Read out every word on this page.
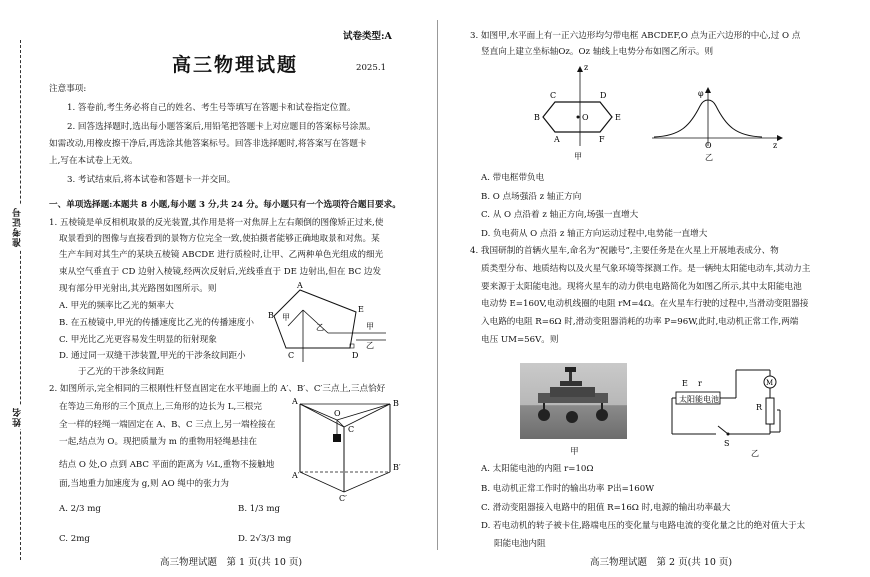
准考证号
姓名
试卷类型:A
高三物理试题	2025.1
注意事项:
1. 答卷前,考生务必将自己的姓名、考生号等填写在答题卡和试卷指定位置。
2. 回答选择题时,选出每小题答案后,用铅笔把答题卡上对应题目的答案标号涂黑。
如需改动,用橡皮擦干净后,再选涂其他答案标号。回答非选择题时,将答案写在答题卡
上,写在本试卷上无效。
3. 考试结束后,将本试卷和答题卡一并交回。
一、单项选择题:本题共 8 小题,每小题 3 分,共 24 分。每小题只有一个选项符合题目要求。
1. 五棱镜是单反相机取景的反光装置,其作用是将一对焦屏上左右颠倒的图像矫正过来,使
取景看到的图像与直接看到的景物方位完全一致,使拍摄者能够正确地取景和对焦。某
生产车间对其生产的某块五棱镜 ABCDE 进行质检时,让甲、乙两种单色光组成的细光
束从空气垂直于 CD 边射入棱镜,经两次反射后,光线垂直于 DE 边射出,但在 BC 边发
现有部分甲光射出,其光路图如图所示。则
A. 甲光的频率比乙光的频率大
B. 在五棱镜中,甲光的传播速度比乙光的传播速度小
C. 甲光比乙光更容易发生明显的衍射现象
D. 通过同一双缝干涉装置,甲光的干涉条纹间距小
于乙光的干涉条纹间距
A
B
C	D
E
甲
乙	甲
乙
2. 如图所示,完全相同的三根刚性杆竖直固定在水平地面上的 A′、B′、C′三点上,三点恰好
在等边三角形的三个顶点上,三角形的边长为 L,三根完
全一样的轻绳一端固定在 A、B、C 三点上,另一端栓接在
一起,结点为 O。现把质量为 m 的重物用轻绳悬挂在
结点 O 处,O 点到 ABC 平面的距离为 ⅓L,重物不接触地
面,当地重力加速度为 g,则 AO 绳中的张力为
A. 2/3 mg	B. 1/3 mg
C. 2mg	D. 2√3/3 mg
O
A	B
C
A′
B′
C′
高三物理试题　第 1 页(共 10 页)
3. 如图甲,水平面上有一正六边形均匀带电框 ABCDEF,O 点为正六边形的中心,过 O 点
竖直向上建立坐标轴Oz。Oz 轴线上电势分布如图乙所示。则
z
C	D
B	E
A	F
O
甲
φ
O	z
乙
A. 带电框带负电
B. O 点场强沿 z 轴正方向
C. 从 O 点沿着 z 轴正方向,场强一直增大
D. 负电荷从 O 点沿 z 轴正方向运动过程中,电势能一直增大
4. 我国研制的首辆火星车,命名为“祝融号”,主要任务是在火星上开展地表成分、物
质类型分布、地质结构以及火星气象环境等探测工作。是一辆纯太阳能电动车,其动力主
要来源于太阳能电池。现将火星车的动力供电电路简化为如图乙所示,其中太阳能电池
电动势 E=160V,电动机线圈的电阻 rM=4Ω。在火星车行驶的过程中,当滑动变阻器接
入电路的电阻 R=6Ω 时,滑动变阻器消耗的功率 P=96W,此时,电动机正常工作,两端
电压 UM=56V。则
甲
E r
太阳能电池
M
R
S
乙
A. 太阳能电池的内阻 r=10Ω
B. 电动机正常工作时的输出功率 P出=160W
C. 滑动变阻器接入电路中的阻值 R=16Ω 时,电源的输出功率最大
D. 若电动机的转子被卡住,路端电压的变化量与电路电流的变化量之比的绝对值大于太
阳能电池内阻
高三物理试题　第 2 页(共 10 页)
